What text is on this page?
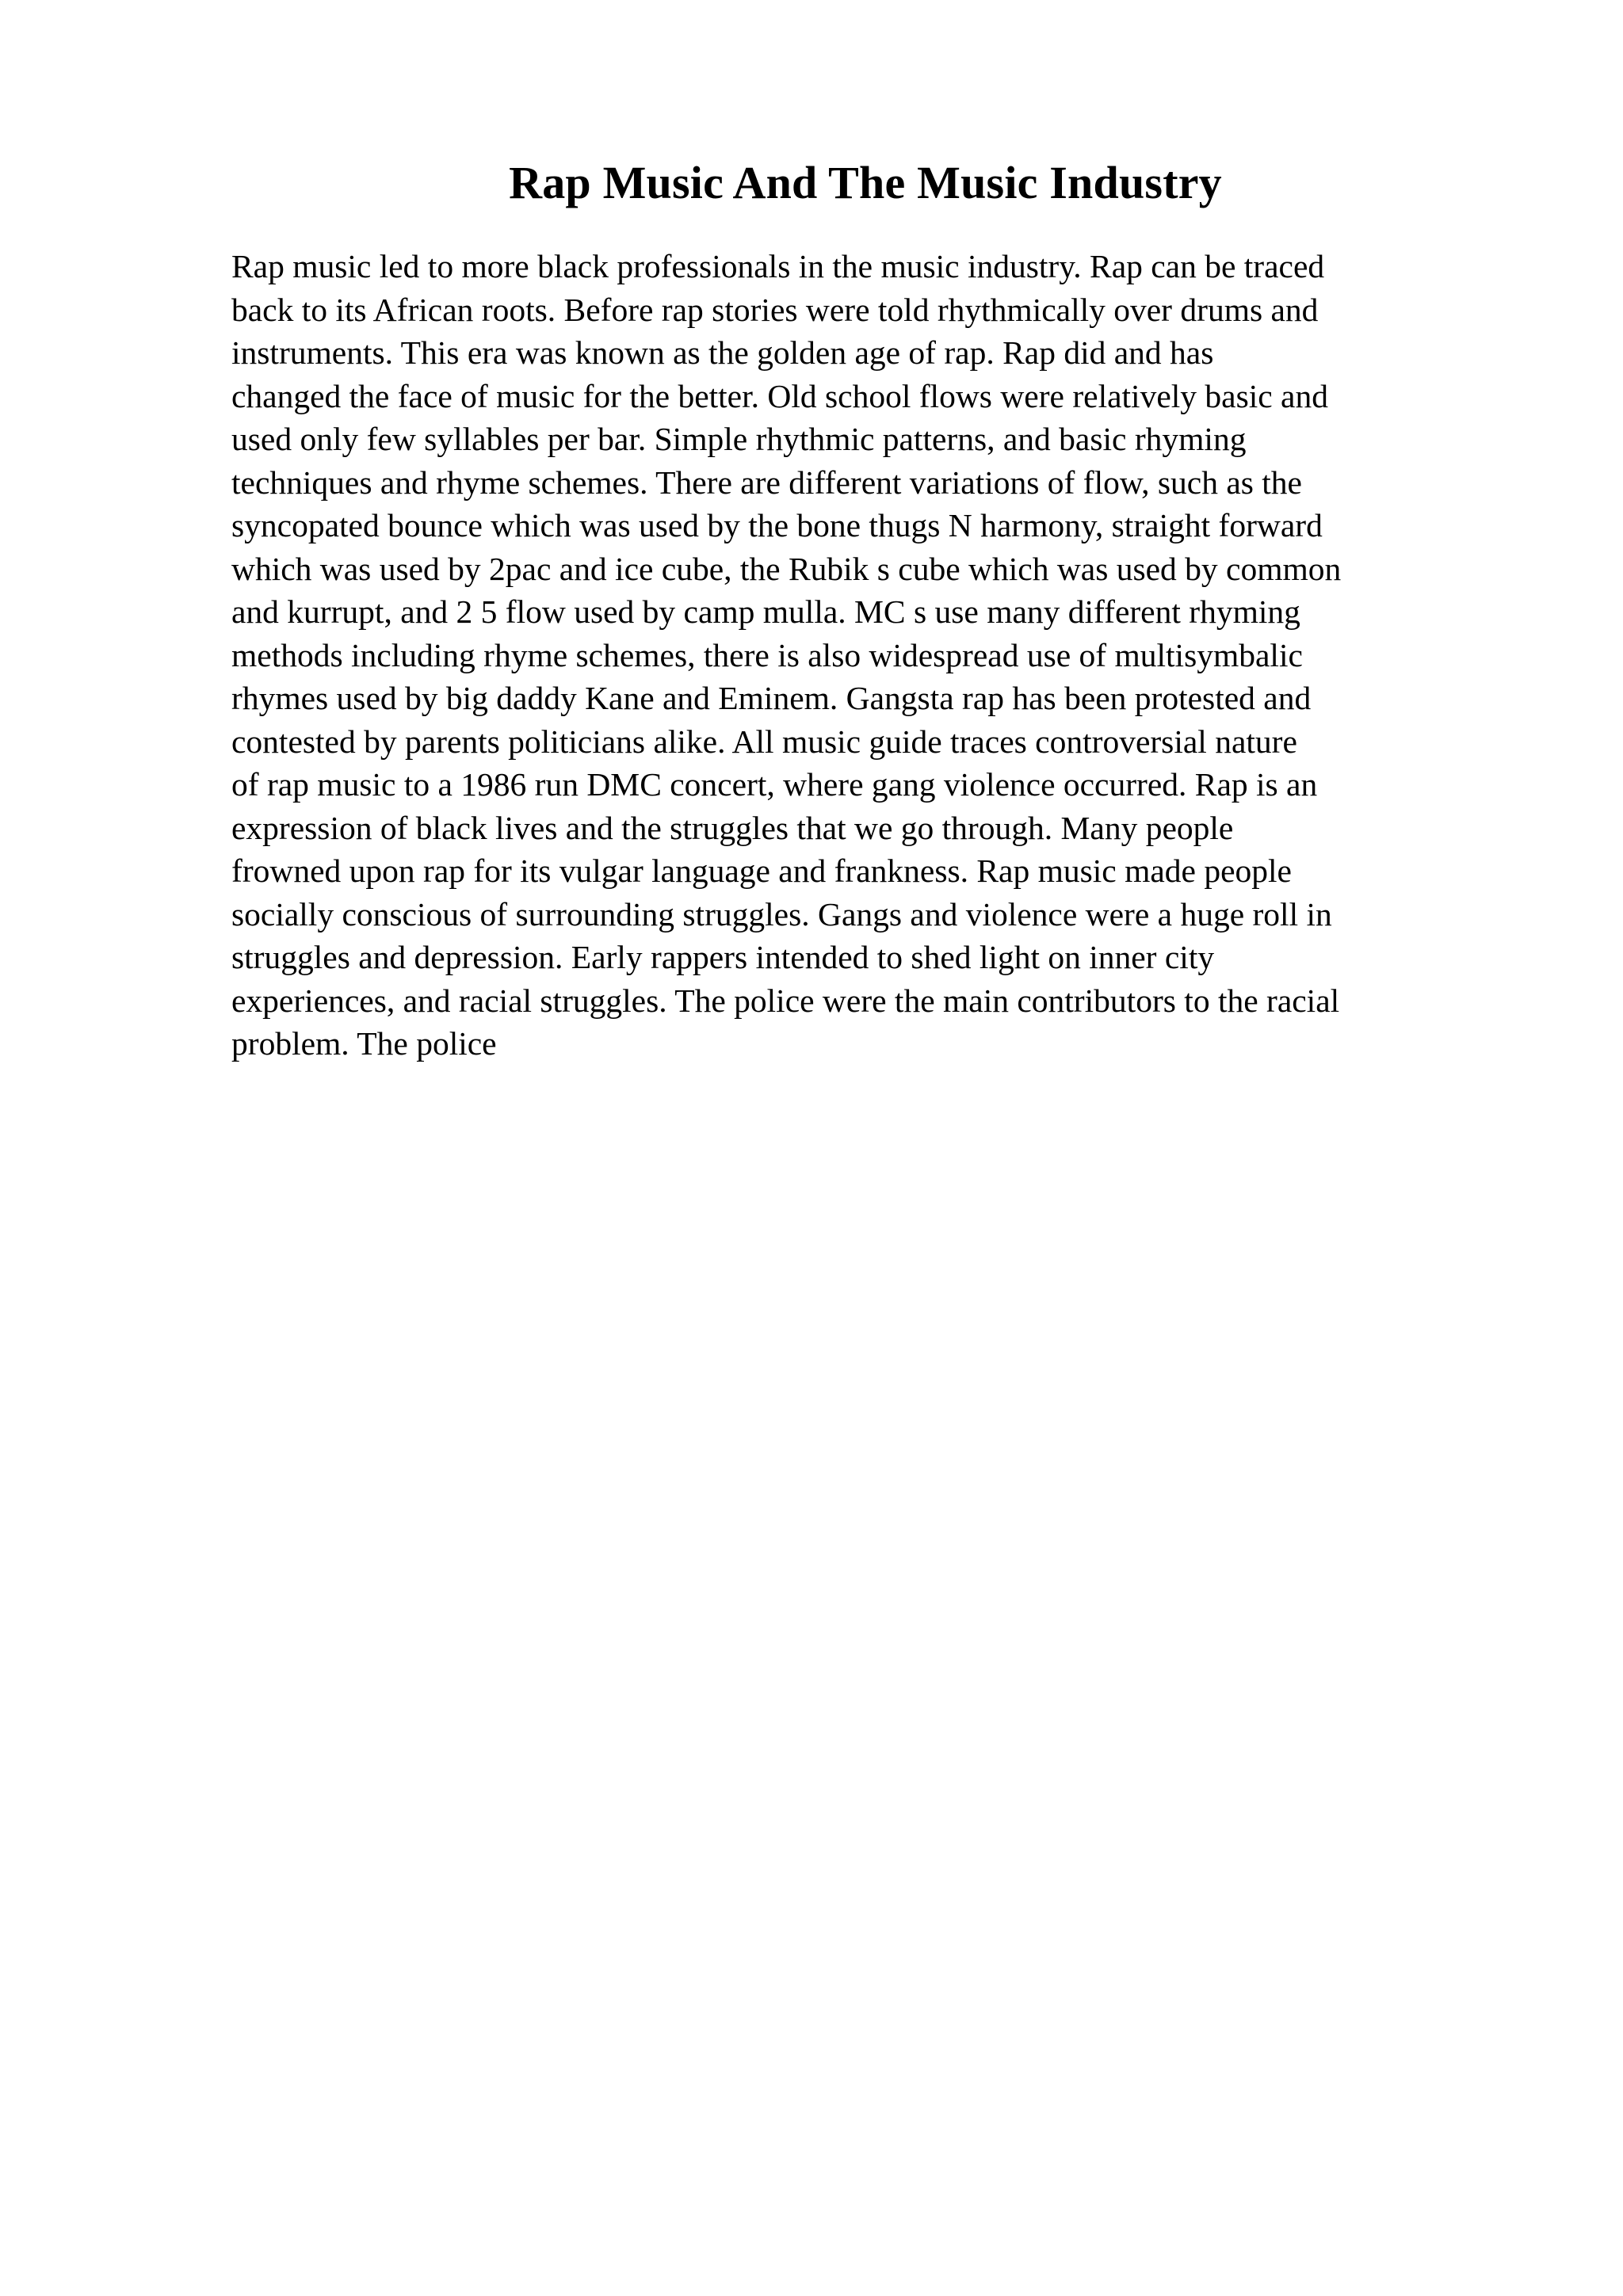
Rap Music And The Music Industry
Rap music led to more black professionals in the music industry. Rap can be traced
back to its African roots. Before rap stories were told rhythmically over drums and
instruments. This era was known as the golden age of rap. Rap did and has
changed the face of music for the better. Old school flows were relatively basic and
used only few syllables per bar. Simple rhythmic patterns, and basic rhyming
techniques and rhyme schemes. There are different variations of flow, such as the
syncopated bounce which was used by the bone thugs N harmony, straight forward
which was used by 2pac and ice cube, the Rubik s cube which was used by common
and kurrupt, and 2 5 flow used by camp mulla. MC s use many different rhyming
methods including rhyme schemes, there is also widespread use of multisymbalic
rhymes used by big daddy Kane and Eminem. Gangsta rap has been protested and
contested by parents politicians alike. All music guide traces controversial nature
of rap music to a 1986 run DMC concert, where gang violence occurred. Rap is an
expression of black lives and the struggles that we go through. Many people
frowned upon rap for its vulgar language and frankness. Rap music made people
socially conscious of surrounding struggles. Gangs and violence were a huge roll in
struggles and depression. Early rappers intended to shed light on inner city
experiences, and racial struggles. The police were the main contributors to the racial
problem. The police
